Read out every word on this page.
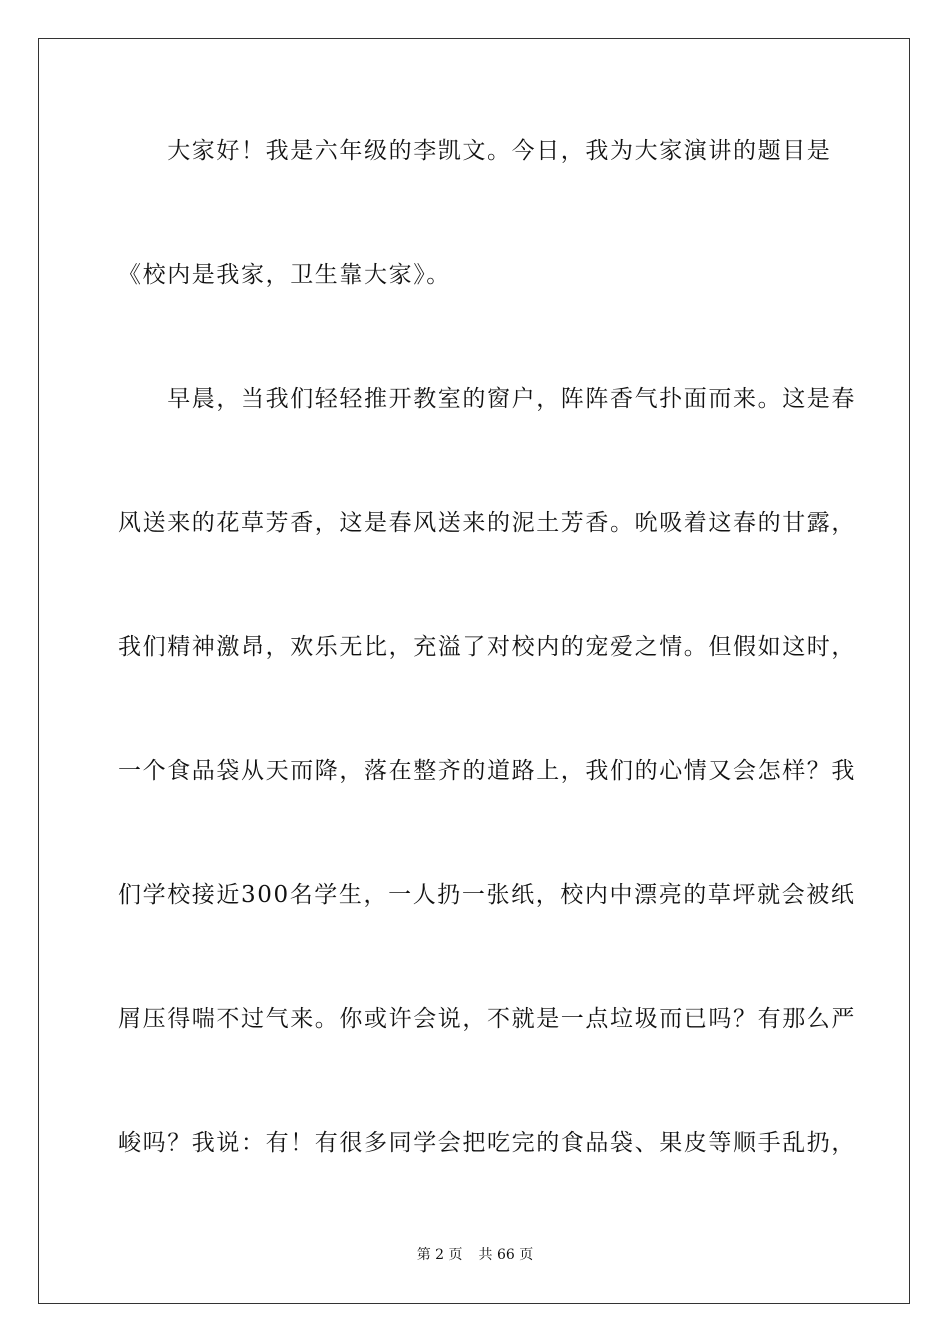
　　大家好！我是六年级的李凯文。今日，我为大家演讲的题目是
《校内是我家，卫生靠大家》。
　　早晨，当我们轻轻推开教室的窗户，阵阵香气扑面而来。这是春
风送来的花草芳香，这是春风送来的泥土芳香。吮吸着这春的甘露，
我们精神激昂，欢乐无比，充溢了对校内的宠爱之情。但假如这时，
一个食品袋从天而降，落在整齐的道路上，我们的心情又会怎样？我
们学校接近300名学生，一人扔一张纸，校内中漂亮的草坪就会被纸
屑压得喘不过气来。你或许会说，不就是一点垃圾而已吗？有那么严
峻吗？我说：有！有很多同学会把吃完的食品袋、果皮等顺手乱扔，
第 2 页 共 66 页
